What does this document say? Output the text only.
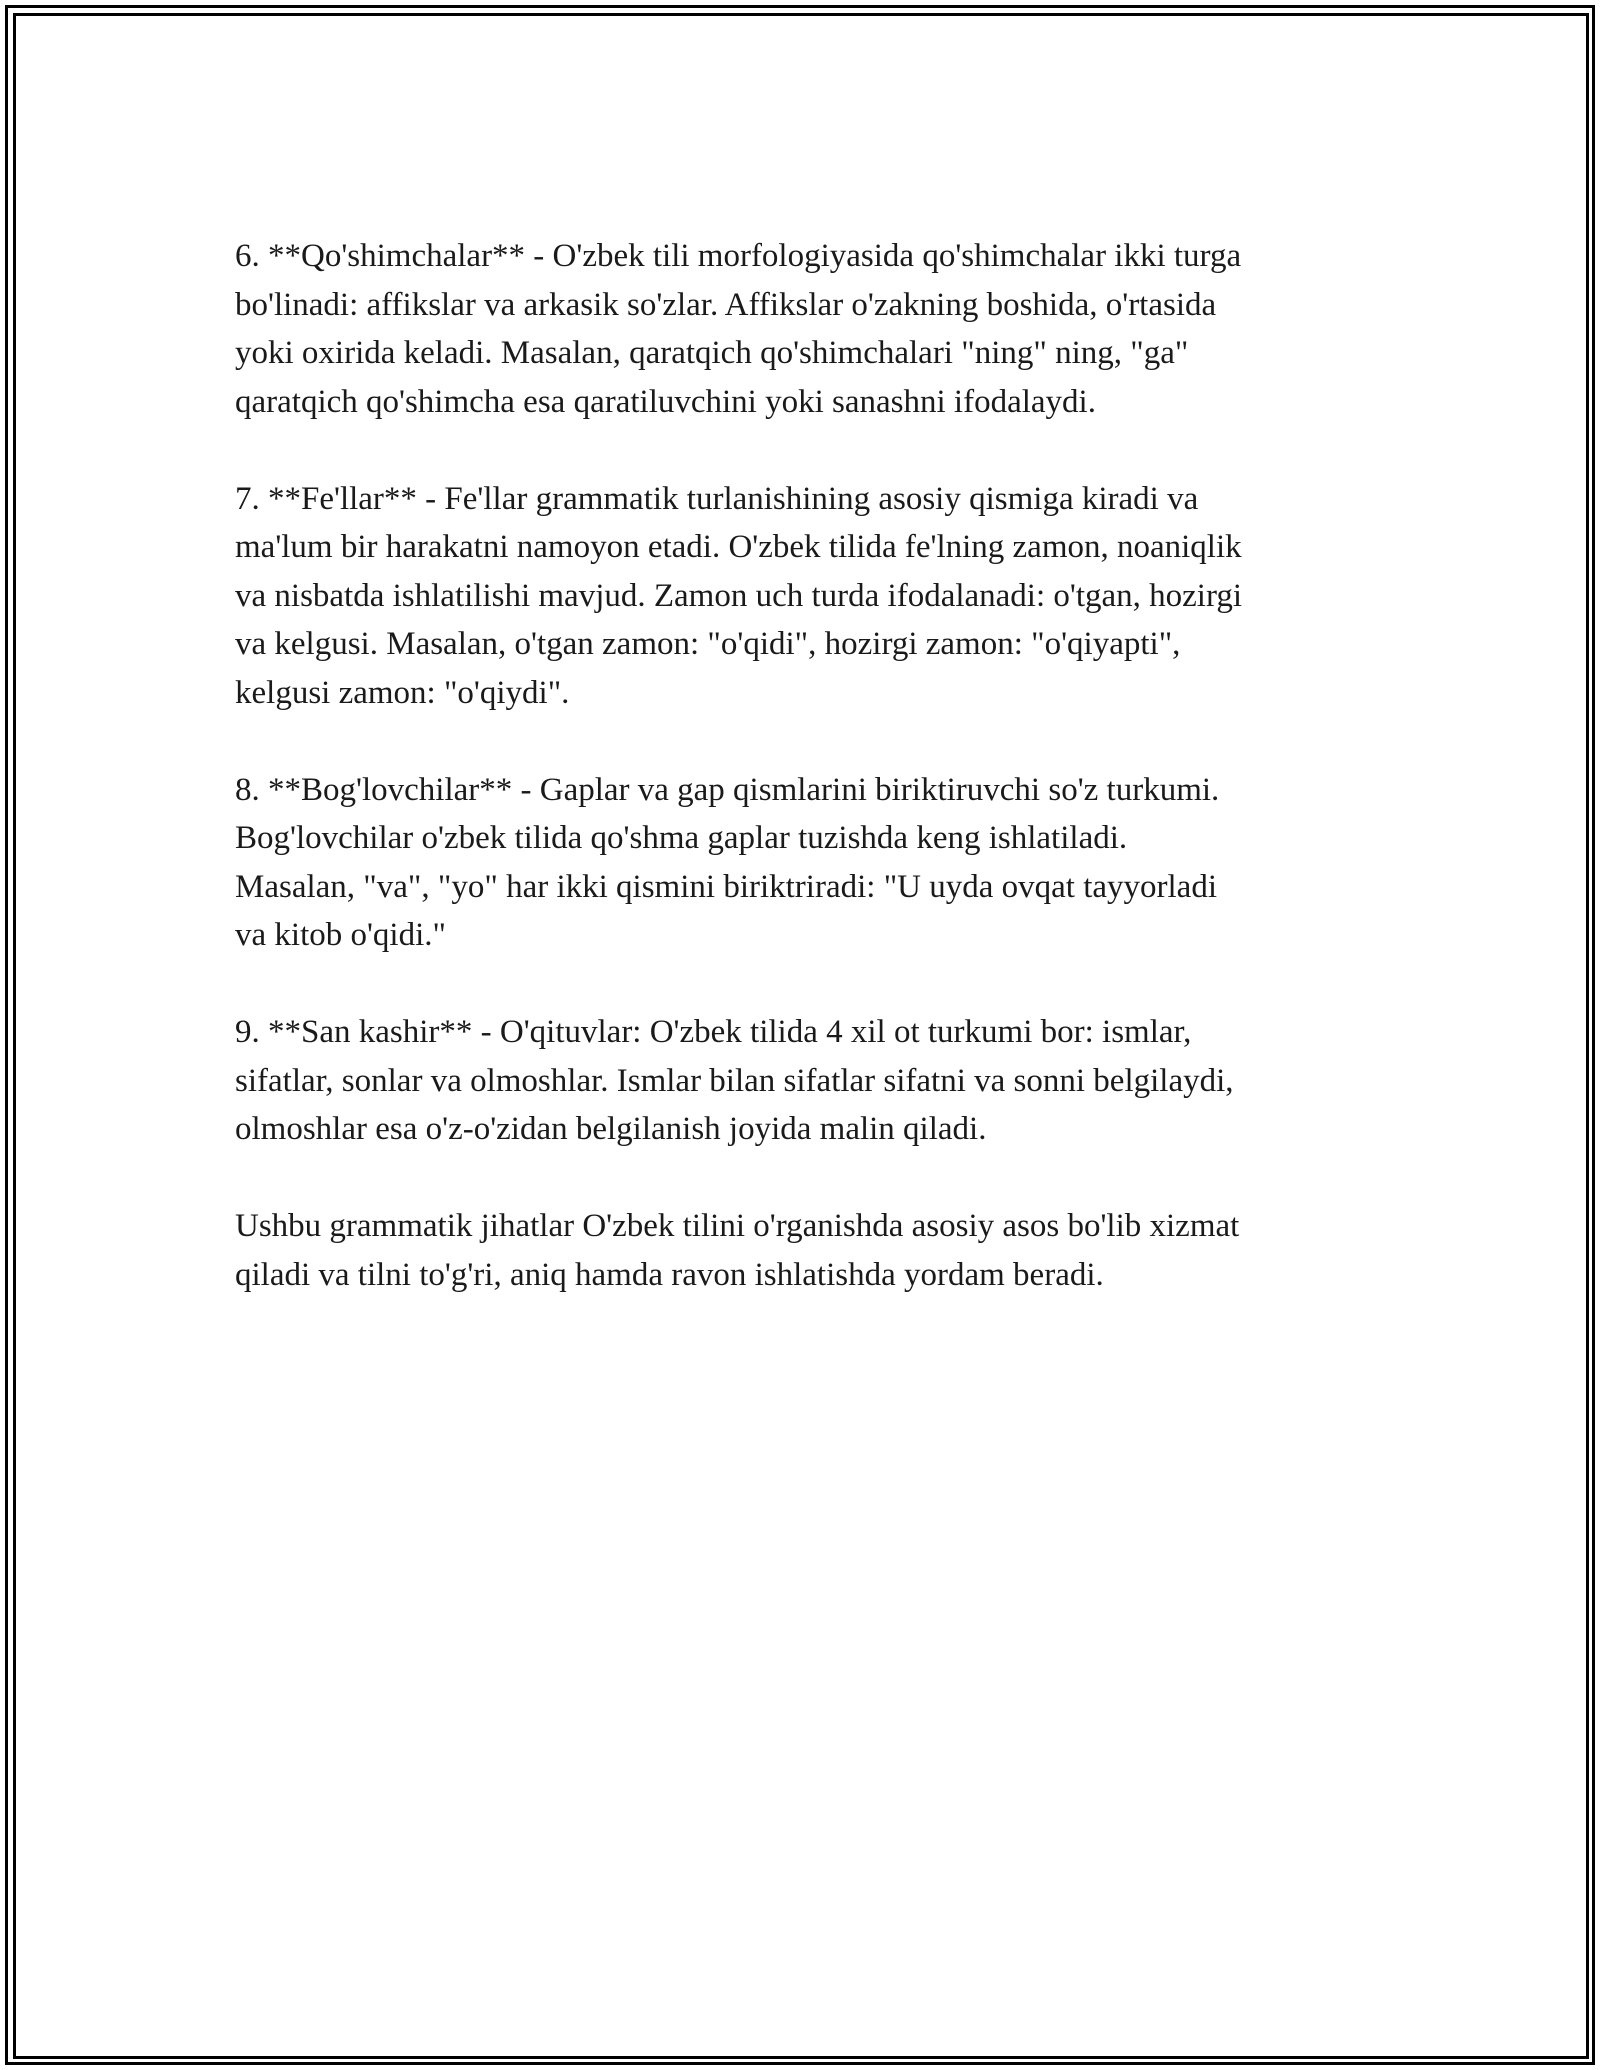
6. **Qo'shimchalar** - O'zbek tili morfologiyasida qo'shimchalar ikki turga
bo'linadi: affikslar va arkasik so'zlar. Affikslar o'zakning boshida, o'rtasida
yoki oxirida keladi. Masalan, qaratqich qo'shimchalari "ning" ning, "ga"
qaratqich qo'shimcha esa qaratiluvchini yoki sanashni ifodalaydi.

7. **Fe'llar** - Fe'llar grammatik turlanishining asosiy qismiga kiradi va
ma'lum bir harakatni namoyon etadi. O'zbek tilida fe'lning zamon, noaniqlik
va nisbatda ishlatilishi mavjud. Zamon uch turda ifodalanadi: o'tgan, hozirgi
va kelgusi. Masalan, o'tgan zamon: "o'qidi", hozirgi zamon: "o'qiyapti",
kelgusi zamon: "o'qiydi".

8. **Bog'lovchilar** - Gaplar va gap qismlarini biriktiruvchi so'z turkumi.
Bog'lovchilar o'zbek tilida qo'shma gaplar tuzishda keng ishlatiladi.
Masalan, "va", "yo" har ikki qismini biriktriradi: "U uyda ovqat tayyorladi
va kitob o'qidi."

9. **San kashir** - O'qituvlar: O'zbek tilida 4 xil ot turkumi bor: ismlar,
sifatlar, sonlar va olmoshlar. Ismlar bilan sifatlar sifatni va sonni belgilaydi,
olmoshlar esa o'z-o'zidan belgilanish joyida malin qiladi.

Ushbu grammatik jihatlar O'zbek tilini o'rganishda asosiy asos bo'lib xizmat
qiladi va tilni to'g'ri, aniq hamda ravon ishlatishda yordam beradi.
